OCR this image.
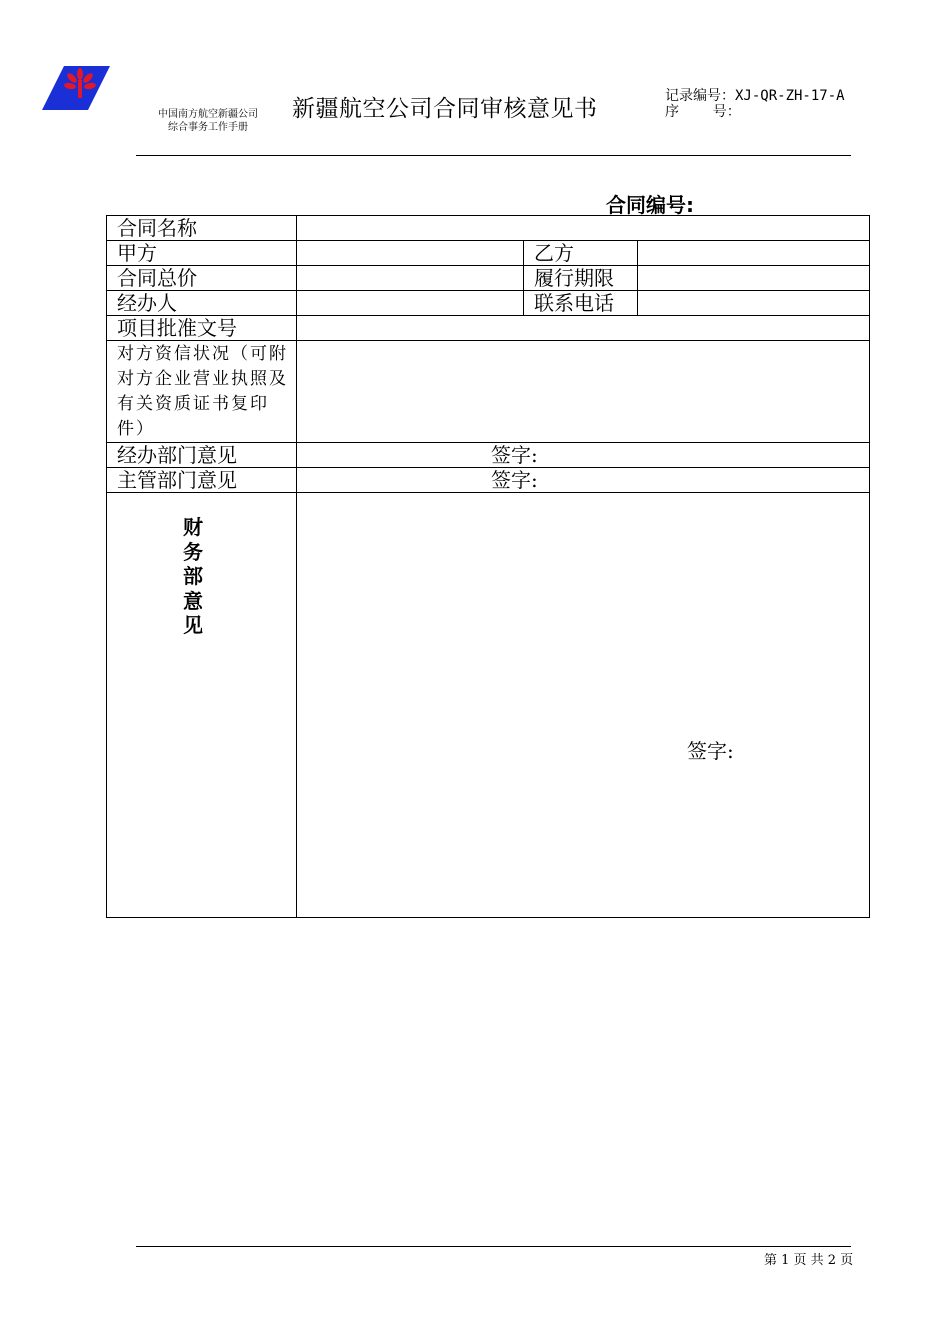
中国南方航空新疆公司
综合事务工作手册
新疆航空公司合同审核意见书	记录编号：XJ-QR-ZH-17-A
序    号：
合同编号:
合同名称			
甲方		乙方	
合同总价		履行期限	
经办人		联系电话	
项目批准文号			
对方资信状况（可附对方企业营业执照及有关资质证书复印件）			
经办部门意见	签字:		
主管部门意见	签字:		

财务部意见	签字:		
第 1 页 共 2 页
